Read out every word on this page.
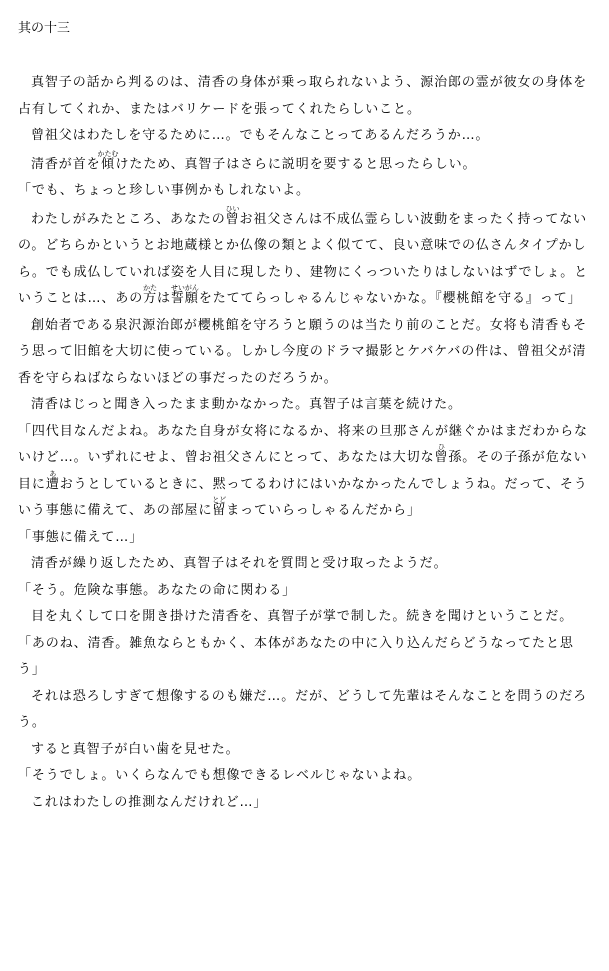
其の十三

真智子の話から判るのは、清香の身体が乗っ取られないよう、源治郎の霊が彼女の身体を占有してくれか、またはバリケードを張ってくれたらしいこと。

曾祖父はわたしを守るために…。でもそんなことってあるんだろうか…。

清香が首を傾かたむけたため、真智子はさらに説明を要すると思ったらしい。

「でも、ちょっと珍しい事例かもしれないよ。

わたしがみたところ、あなたの曾ひいお祖父さんは不成仏霊らしい波動をまったく持ってないの。どちらかというとお地蔵様とか仏像の類とよく似てて、良い意味での仏さんタイプかしら。でも成仏していれば姿を人目に現したり、建物にくっついたりはしないはずでしょ。ということは…、あの方かたは誓願せいがんをたててらっしゃるんじゃないかな。『櫻桃館を守る』って」

創始者である泉沢源治郎が櫻桃館を守ろうと願うのは当たり前のことだ。女将も清香もそう思って旧館を大切に使っている。しかし今度のドラマ撮影とケバケバの件は、曾祖父が清香を守らねばならないほどの事だったのだろうか。

清香はじっと聞き入ったまま動かなかった。真智子は言葉を続けた。

「四代目なんだよね。あなた自身が女将になるか、将来の旦那さんが継ぐかはまだわからないけど…。いずれにせよ、曾お祖父さんにとって、あなたは大切な曾ひ孫。その子孫が危ない目に遭あおうとしているときに、黙ってるわけにはいかなかったんでしょうね。だって、そういう事態に備えて、あの部屋に留とどまっていらっしゃるんだから」

「事態に備えて…」

清香が繰り返したため、真智子はそれを質問と受け取ったようだ。

「そう。危険な事態。あなたの命に関わる」

目を丸くして口を開き掛けた清香を、真智子が掌で制した。続きを聞けということだ。

「あのね、清香。雑魚ならともかく、本体があなたの中に入り込んだらどうなってたと思う」

それは恐ろしすぎて想像するのも嫌だ…。だが、どうして先輩はそんなことを問うのだろう。

すると真智子が白い歯を見せた。

「そうでしょ。いくらなんでも想像できるレベルじゃないよね。

これはわたしの推測なんだけれど…」
